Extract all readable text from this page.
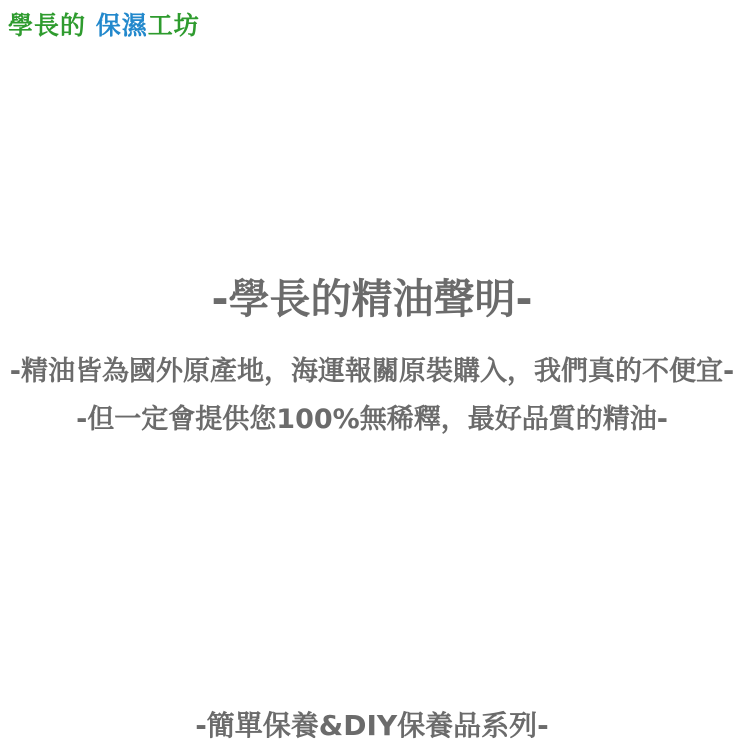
學長的 保濕工坊
-學長的精油聲明-
-精油皆為國外原產地，海運報關原裝購入，我們真的不便宜-
-但一定會提供您100%無稀釋，最好品質的精油-
-簡單保養&DIY保養品系列-
